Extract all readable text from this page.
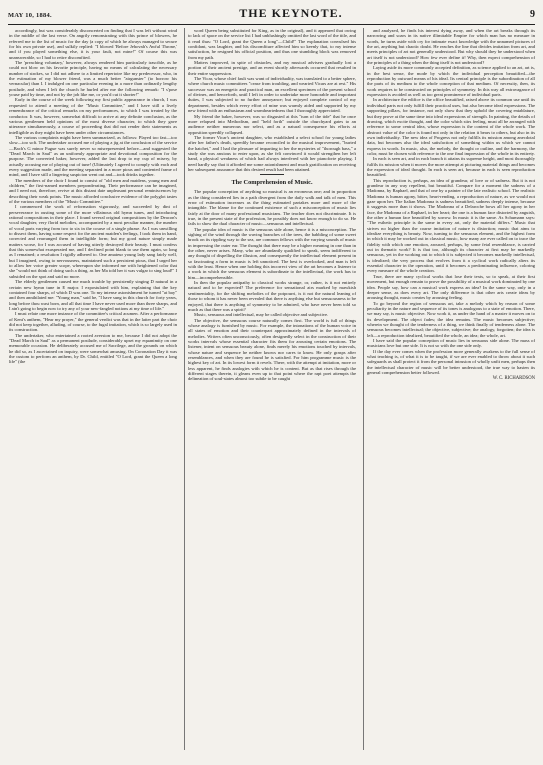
MAY 10, 1884.	THE KEYNOTE.	9

accordingly, but was considerably disconcerted on finding that I was left without wind in the middle of the last verse. On angrily remonstrating with this prince of blowers, he referred me to the list of music for the day (a copy of which he always managed to secure for his own private use), and sulkily replied: "I blowed 'Before Jehovah's Awful Throne,' and if you played something else, it is your fault, not mine!" Of course this was unanswerable, so I had to retire discomfited.

The 'preaching voluntary,' however, always rendered him particularly irascible, as he could not blow on his favorite principle, having no means of calculating the necessary number of strokes, so I did not adhere to a limited repertoire like my predecessor, who, in the estimation of my blower friend, was a much better "airgunster" (to borrow his vernacular) than I. I indulged on one particular evening in a more than ordinarily lengthy postlude, and when I left the church he hurled after me the following remark: "I s'pose youse paid by time, and not by the job like me, or you'd cut it shorter!"

Early in the course of the week following my first public appearance in church, I was requested to attend a meeting of the "Music Committee," and I have still a lively remembrance of the critical remarks on my performances, to which I was treated by the conductor. It was, however, somewhat difficult to arrive at any definite conclusion, as the various gentlemen held opinions of the most diverse character, to which they gave utterance simultaneously, a course of proceeding that did not render their statements as intelligible as they might have been under other circumstances.

The various complaints might have been summarized, as follows: Played too fast—too slow—too soft. The undertaker accused me of playing a jig at the conclusion of the service—Bach's G minor Fugue was surely never so misrepresented before—and suggested the "Dead March in Saul" as an uniformly appropriate and devotional composition for the purpose. The converted baker, however, added the last drop to my cup of misery, by actually accusing me of playing out of tune! (Ultimately I agreed to comply with each and every suggestion made, and the meeting separated in a more pious and contented frame of mind, and I have still a lingering suspicion went out and—took drinks together.

The members of the choir I found to consist of "old men and maidens, young men and children," the first-named members preponderating. Their performance can be imagined, and I need not, therefore, revive at this distant date unpleasant personal reminiscences by describing their weak points. The music afforded conclusive evidence of the polyglot tastes of the various members of the "Music Committee."

I commenced the work of reformation vigorously, and succeeded by dint of perseverance in ousting some of the more villainous old hymn tunes, and introducing rational compositions in their place. I found several original compositions by the Deacon's vocal daughter, very florid melodies, accompanied by a most peculiar manner, the number of vocal parts varying from two to six in the course of a single phrase. As I was unwilling to dissect them, having some respect for the ancient maiden's feelings, I took them in hand, corrected and rearranged them in intelligible form; but my good nature simply made matters worse, for I was accused of having utterly destroyed their beauty. I must confess that this somewhat exasperated me, and I declined point blank to use them again, so long as I remained; a resolution I rigidly adhered to. One amateur young lady sang fairly well, but I imagined, owing to nervousness, maintained such a persistent pious, that I urged her to allow her voice greater scope, whereupon she informed me with heightened color that she "would not think of doing such a thing, as her Ma told her it was vulgar to sing loud!" I subsided on the spot and said no more.

The elderly gentlemen caused me much trouble by persistently singing D natural in a certain new hymn tune in E major. I expostulated with him, explaining that the key contained four sharps, of which D was one. To my intense astonishment he turned "at bay" and then annihilated me: "Young man," said he, "I have sung in this church for forty years, long before thou wast born, and all that time I have never used more than three sharps, and I ain't going to begin now to try any of your new-fangled notions at my time of life."

I must relate one more instance of the committee's critical acumen. After a performance of Kent's anthem, "Hear my prayer," the general verdict was that in the latter part the choir did not keep together, alluding, of course, to the fugal imitation, which is so largely used in its construction.

The undertaker, who entertained a rooted aversion to me, because I did not adopt the "Dead March in Saul" as a permanent postlude, considerably upset my equanimity on one memorable occasion. He deliberately accused me of Sacrilege, and the grounds on which he did so, as I ascertained on inquiry, were somewhat amusing. On Coronation Day it was the custom to perform an anthem, by Dr. Child, entitled "O Lord, grant the Queen a long life" (the

word Queen being substituted for King, as in the original), and it appeared that owing to lack of space on the service list I had unblushingly omitted the last word of the title, and it read thus: "O Lord, grant the Queen a long"—Child!" The explanation convulsed his confidant, was laughter, and his discomfiture affected him so keenly that, to my intense satisfaction, he resigned his official position, and thus one stumbling block was removed from my path.

Matters improved, in spite of obstacles, and my musical advisers gradually lost a portion of their ancient prestige, and an event shortly afterwards occurred that resulted in their entire suppression.

The Vicar, whose chief fault was want of individuality, was translated to a better sphere, where church music committees "cease from troubling, and wearied Vicars are at rest." His successor was an energetic and practical man, an excellent specimen of the present school of divines, and henceforth, until I left in order to undertake more honorable and important duties, I was subjected to no further annoyance; but enjoyed complete control of my department, besides which every effort of mine was warmly aided and supported by my new friend with an enthusiasm and warmheartedness that I thoroughly appreciated.

My friend the baker, however, was so disgusted at this "turn of the tide" that he once more relapsed into Methodism, and "held forth" outside the churchyard gates to an audience neither numerous nor select, and as a natural consequence his efforts at opposition speedily collapsed.

The former Vicar's ancient daughter, who established a select school for young ladies after her father's death, speedily became reconciled to the musical improvement, "buried the hatchet," and I had the pleasure of imparting to her the mysteries of "thorough bass," a study she was anxious to enter upon, as she felt convinced it would strengthen her left hand, a physical weakness of which had always interfered with her pianoforte playing. I need hardly say that it afforded me some astonishment and much gratification on receiving her subsequent assurance that this desired result had been attained.

The Comprehension of Music.

The popular conception of anything so musical is an erroneous one; and in proportion as the thing considered lies in a path divergent from the daily walk and talk of men. This error of estimation increases as the thing estimated partakes more and more of the intangible. The blame for the continued existence of such a misconception of music lies fairly at the door of many professional musicians. The teacher does not discriminate. It is true, in the present state of the profession, he possibly does not know enough to do so. He fails to show the dual character of music—sensuous and intellectual.

The popular idea of music is the sensuous side alone, hence it is a misconception. The sighing of the wind through the waving branches of the trees, the babbling of some sweet brook on its rippling way to the sea, are common fellows with the varying sounds of music in impressing the outer ear. The thought that there may be a higher meaning in one than in the other, never arises. Many, who are abundantly qualified to speak, seem indifferent to any thought of dispelling the illusion, and consequently the intellectual element present in so fascinating a form in music is left unnoticed. The best is overlooked, and man is left with the least. Hence when one holding this incorrect view of the art becomes a listener to a work in which the sensuous element is subordinate to the intellectual, the work has to him—incomprehensible.

In then the popular antipathy to classical works strange, or, rather, is it not entirely natural and to be expected? The preference for sensational airs marked by mawkish sentimentality, for the shifting melodies of the potpourri, is it not the natural leaning of those to whom it has never been revealed that there is anything else but sensuousness to be enjoyed, that there is anything of symmetry to be admired, who have never been told so much as that there was a spirit?

Music, sensuous and intellectual, may be called objective and subjective.

The objective, the sensuous course naturally comes first. The world is full of things whose analogy is furnished by music. For example, the intonations of the human voice in all states of emotion and their counterpart approximately defined in the intervals of melodies. Writers often unconsciously, often designedly select in the construction of their works intervals whose essential character fits them for arousing certain emotions. The listener, intent on sensuous beauty alone, finds merely his emotions touched by intervals, whose nature and sequence he neither knows nor cares to know. He only grasps after resemblances, and when they are found he is satisfied. For him programme music is the highest key of art. In its lowest form it revels. There, with the attempt at imitation, more or less apparent, he finds analogies with which he is content. But as that rises through the different stages therein, it gleans even up to that point where the rapt poet attempts the delineation of soul-states almost too subtle to be caught

and analyzed, he finds his interest dying away, and when the art breaks through its narrowing and soars in its native illimitable Empire for which man has no measure in words, he turns aside with cry for intimate exact knowledge with the unnamed pictures of the art, anything but chaotic doubt. He reaches the line that divides imitation from art, and meets principles of art not generally understood. But why should they be understood when art itself is not understood? How few ever define it! Why, then expect comprehension of the principles of a thing when the thing itself is not understood?

Laying aside its more commonly accepted definition, as science applied to an art, art is, in the best sense, the mode by which the individual perception beautified—the reproduction by outward means of his ideal. Its central principle is the subordination of all the parts of its medium to the whole conception of that medium. Of necessity, then, its work requires to be constructed on principles of symmetry. In this way all extravagance of expression is avoided as well as too great prominence of individual parts.

In architecture the edifice is the office beautified, raised above its common use until its individual parts not only fulfill their practical uses, but also become ideal expressions. The supporting pillars, for instance, not only show that they uphold the covering entablature, but they prove at the same time into ideal expressions of strength. In painting, the details of drawing, which excite thought, and the color which stirs feeling, must all be arranged with reference to some central idea, whose expression is the content of the whole work. The abstract value of the color is found not only in the relation it bears to others, but also in its own individuality. The new idea of Progress not only fulfills its mission among anecdotal data, but becomes also the ideal satisfaction of something within us which we cannot express in words. In music, also, the melody, the thought or outline, and the harmony, the color, must be chosen with reference to the one final impression of the whole in its entirety.

In each is seen art, and in each branch it attains its supreme height, and most thoroughly fulfils its mission when it moves the more attempt at picturing material things and becomes the expression of ideal thought. In each is seen art, because in each is seen reproduction beautified.

This reproduction is, perhaps, an idea of grandeur, of love or of sadness. But it is not grandeur in any way repellent, but beautiful. Compare for a moment the sadness of a Madonna, by Raphael, and that of one by a painter of the late realistic school. The realistic Madonna is human agony, bitter, heart-rending, a reproduction of nature, as we would not gaze upon her. The Italian Madonna is sadness beautified, sadness deeply intense, because it suggests more than it shows. The Madonna of a Delaroche bows all her agony in her face, the Madonna of a Raphael, in her heart; the one is a human face distorted by anguish, the other a human face beautified by sorrow. In music it is the same. As Schumann says: "The esthetic principle is the same in every art, only the material differs." Music that strives no higher than the coarse imitation of nature is distortion; music that aims to idealize everything is beauty. Now, turning to the sensuous element, and the highest form in which it may be worked out in classical music, how many are ever called on to trace the fidelity with which one emotion, aroused, perhaps, by some fetal resemblance, is carried out in thematic work? It is that too, although its character at first may be markedly sensuous, yet in the working out to which it is subjected it becomes markedly intellectual, is idealized; the very process that evolves from it a cyclical work radically alters its essential character in the operation, until it becomes a predominating influence, coloring every measure of the whole creation.

True, there are many cyclical works that lose their texts, so to speak, at their first movement, but enough remain to prove the possibility of a musical work dominated by one idea. People say, how can a musical work express an idea? In the same way, only in a deeper sense, as does every art. The only difference is that other arts create ideas by arousing thought, music creates by arousing feeling.

To go beyond the region of sensuous art, take a melody which by reason of some peculiarity in the nature and sequence of its tones is analogous to a state of emotion. There, we may say, is music objective. Now work it, as under the hand of a master it moves on to its development. The object fades; the idea remains. The music becomes subjective; wherein we thought of the tenderness of a thing, we think finally of tenderness alone. The sensuous becomes intellectual; the objective, subjective; the analogy, forgotten; the idea is left—a reproduction idealized, beautified the whole, an idea; the whole, art.

I have said the popular conception of music lies in sensuous side alone. The mass of musicians love but one side. It is not so with the one side only.

If the day ever comes when the profession more generally awakens to the full sense of what teaching is, of what it is to be taught, if we are ever enabled to throw about it such safeguards as shall protect it from the personal intrusion of wholly unfit men, perhaps then the intellectual character of music will be better understood, the true way to hasten its general comprehension better followed.

W. C. RICHARDSON
